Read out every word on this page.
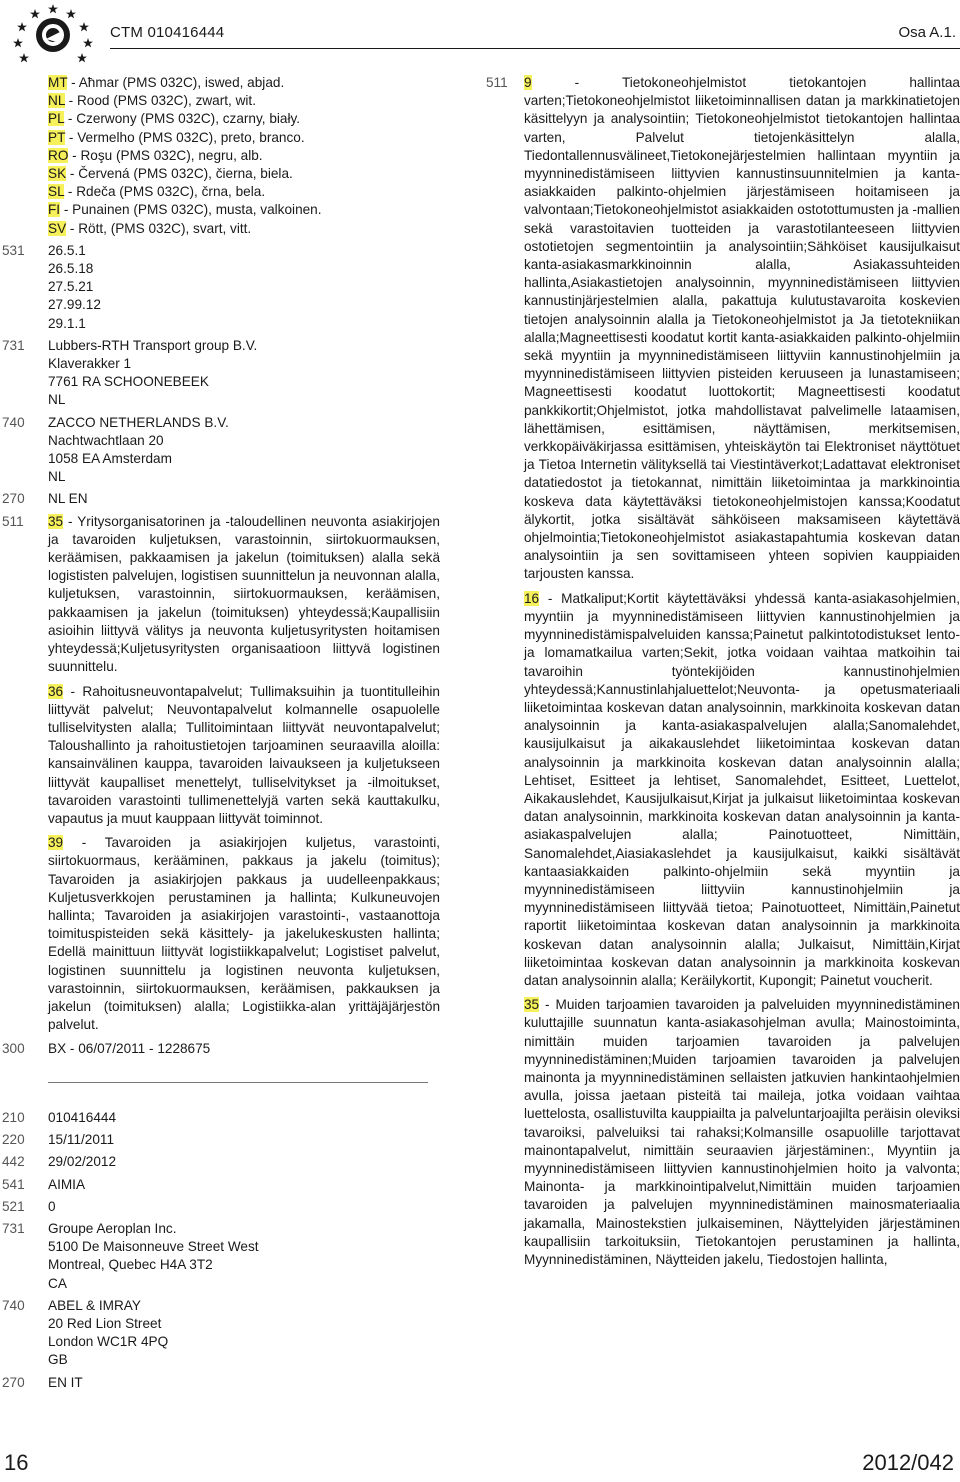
CTM 010416444	Osa A.1.
MT - Aħmar (PMS 032C), iswed, abjad.
NL - Rood (PMS 032C), zwart, wit.
PL - Czerwony (PMS 032C), czarny, biały.
PT - Vermelho (PMS 032C), preto, branco.
RO - Roşu (PMS 032C), negru, alb.
SK - Červená (PMS 032C), čierna, biela.
SL - Rdeča (PMS 032C), črna, bela.
FI - Punainen (PMS 032C), musta, valkoinen.
SV - Rött, (PMS 032C), svart, vitt.
531	26.5.1
26.5.18
27.5.21
27.99.12
29.1.1
731	Lubbers-RTH Transport group B.V.
Klaverakker 1
7761 RA SCHOONEBEEK
NL
740	ZACCO NETHERLANDS B.V.
Nachtwachtlaan 20
1058 EA Amsterdam
NL
270	NL EN
511	35 - Yritysorganisatorinen ja -taloudellinen neuvonta asiakirjojen ja tavaroiden kuljetuksen, varastoinnin, siirtokuormauksen, keräämisen, pakkaamisen ja jakelun (toimituksen) alalla sekä logististen palvelujen, logistisen suunnittelun ja neuvonnan alalla, kuljetuksen, varastoinnin, siirtokuormauksen, keräämisen, pakkaamisen ja jakelun (toimituksen) yhteydessä;Kaupallisiin asioihin liittyvä välitys ja neuvonta kuljetusyritysten hoitamisen yhteydessä;Kuljetusyritysten organisaatioon liittyvä logistinen suunnittelu.

36 - Rahoitusneuvontapalvelut; Tullimaksuihin ja tuontitulleihin liittyvät palvelut; Neuvontapalvelut kolmannelle osapuolelle tulliselvitysten alalla; Tullitoimintaan liittyvät neuvontapalvelut; Taloushallinto ja rahoitustietojen tarjoaminen seuraavilla aloilla: kansainvälinen kauppa, tavaroiden laivaukseen ja kuljetukseen liittyvät kaupalliset menettelyt, tulliselvitykset ja -ilmoitukset, tavaroiden varastointi tullimenettelyjä varten sekä kauttakulku, vapautus ja muut kauppaan liittyvät toiminnot.

39 - Tavaroiden ja asiakirjojen kuljetus, varastointi, siirtokuormaus, kerääminen, pakkaus ja jakelu (toimitus); Tavaroiden ja asiakirjojen pakkaus ja uudelleenpakkaus; Kuljetusverkkojen perustaminen ja hallinta; Kulkuneuvojen hallinta; Tavaroiden ja asiakirjojen varastointi-, vastaanottoja toimituspisteiden sekä käsittely- ja jakelukeskusten hallinta; Edellä mainittuun liittyvät logistiikkapalvelut; Logistiset palvelut, logistinen suunnittelu ja logistinen neuvonta kuljetuksen, varastoinnin, siirtokuormauksen, keräämisen, pakkauksen ja jakelun (toimituksen) alalla; Logistiikka-alan yrittäjäjärjestön palvelut.

300	BX - 06/07/2011 - 1228675
210	010416444
220	15/11/2011
442	29/02/2012
541	AIMIA
521	0
731	Groupe Aeroplan Inc.
5100 De Maisonneuve Street West
Montreal, Quebec H4A 3T2
CA
740	ABEL & IMRAY
20 Red Lion Street
London WC1R 4PQ
GB
270	EN IT
511	9 - Tietokoneohjelmistot tietokantojen hallintaa varten;Tietokoneohjelmistot liiketoiminnallisen datan ja markkinatietojen käsittelyyn ja analysointiin; Tietokoneohjelmistot tietokantojen hallintaa varten, Palvelut tietojenkäsittelyn alalla, Tiedontallennusvälineet,Tietokonejärjestelmien hallintaan myyntiin ja myynninedistämiseen liittyvien kannustinsuunnitelmien ja kanta-asiakkaiden palkinto-ohjelmien järjestämiseen hoitamiseen ja valvontaan;Tietokoneohjelmistot asiakkaiden ostotottumusten ja -mallien sekä varastoitavien tuotteiden ja varastotilanteeseen liittyvien ostotietojen segmentointiin ja analysointiin;Sähköiset kausijulkaisut kanta-asiakasmarkkinoinnin alalla, Asiakassuhteiden hallinta,Asiakastietojen analysoinnin, myynninedistämiseen liittyvien kannustinjärjestelmien alalla, pakattuja kulutustavaroita koskevien tietojen analysoinnin alalla ja Tietokoneohjelmistot ja Ja tietotekniikan alalla;Magneettisesti koodatut kortit kanta-asiakkaiden palkinto-ohjelmiin sekä myyntiin ja myynninedistämiseen liittyviin kannustinohjelmiin ja myynninedistämiseen liittyvien pisteiden keruuseen ja lunastamiseen; Magneettisesti koodatut luottokortit; Magneettisesti koodatut pankkikortit;Ohjelmistot, jotka mahdollistavat palvelimelle lataamisen, lähettämisen, esittämisen, näyttämisen, merkitsemisen, verkkopäiväkirjassa esittämisen, yhteiskäytön tai Elektroniset näyttötuet ja Tietoa Internetin välityksellä tai Viestintäverkot;Ladattavat elektroniset datatiedostot ja tietokannat, nimittäin liiketoimintaa ja markkinointia koskeva data käytettäväksi tietokoneohjelmistojen kanssa;Koodatut älykortit, jotka sisältävät sähköiseen maksamiseen käytettävä ohjelmointia;Tietokoneohjelmistot asiakastapahtumia koskevan datan analysointiin ja sen sovittamiseen yhteen sopivien kauppiaiden tarjousten kanssa.

16 - Matkaliput;Kortit käytettäväksi yhdessä kanta-asiakasohjelmien, myyntiin ja myynninedistämiseen liittyvien kannustinohjelmien ja myynninedistämispalveluiden kanssa;Painetut palkintotodistukset lento- ja lomamatkailua varten;Sekit, jotka voidaan vaihtaa matkoihin tai tavaroihin työntekijöiden kannustinohjelmien yhteydessä;Kannustinlahjaluettelot;Neuvonta- ja opetusmateriaali liiketoimintaa koskevan datan analysoinnin, markkinoita koskevan datan analysoinnin ja kanta-asiakaspalvelujen alalla;Sanomalehdet, kausijulkaisut ja aikakauslehdet liiketoimintaa koskevan datan analysoinnin ja markkinoita koskevan datan analysoinnin alalla; Lehtiset, Esitteet ja lehtiset, Sanomalehdet, Esitteet, Luettelot, Aikakauslehdet, Kausijulkaisut,Kirjat ja julkaisut liiketoimintaa koskevan datan analysoinnin, markkinoita koskevan datan analysoinnin ja kanta-asiakaspalvelujen alalla; Painotuotteet, Nimittäin, Sanomalehdet,Aiasiakaslehdet ja kausijulkaisut, kaikki sisältävät kantaasiakkaiden palkinto-ohjelmiin sekä myyntiin ja myynninedistämiseen liittyviin kannustinohjelmiin ja myynninedistämiseen liittyvää tietoa; Painotuotteet, Nimittäin,Painetut raportit liiketoimintaa koskevan datan analysoinnin ja markkinoita koskevan datan analysoinnin alalla; Julkaisut, Nimittäin,Kirjat liiketoimintaa koskevan datan analysoinnin ja markkinoita koskevan datan analysoinnin alalla; Keräilykortit, Kupongit; Painetut voucherit.

35 - Muiden tarjoamien tavaroiden ja palveluiden myynninedistäminen kuluttajille suunnatun kanta-asiakasohjelman avulla; Mainostoiminta, nimittäin muiden tarjoamien tavaroiden ja palvelujen myynninedistäminen;Muiden tarjoamien tavaroiden ja palvelujen mainonta ja myynninedistäminen sellaisten jatkuvien hankintaohjelmien avulla, joissa jaetaan pisteitä tai maileja, jotka voidaan vaihtaa luettelosta, osallistuvilta kauppiailta ja palveluntarjoajilta peräisin oleviksi tavaroiksi, palveluiksi tai rahaksi;Kolmansille osapuolille tarjottavat mainontapalvelut, nimittäin seuraavien järjestäminen:, Myyntiin ja myynninedistämiseen liittyvien kannustinohjelmien hoito ja valvonta; Mainonta- ja markkinointipalvelut,Nimittäin muiden tarjoamien tavaroiden ja palvelujen myynninedistäminen mainosmateriaalia jakamalla, Mainostekstien julkaiseminen, Näyttelyiden järjestäminen kaupallisiin tarkoituksiin, Tietokantojen perustaminen ja hallinta, Myynninedistäminen, Näytteiden jakelu, Tiedostojen hallinta,

16	2012/042
